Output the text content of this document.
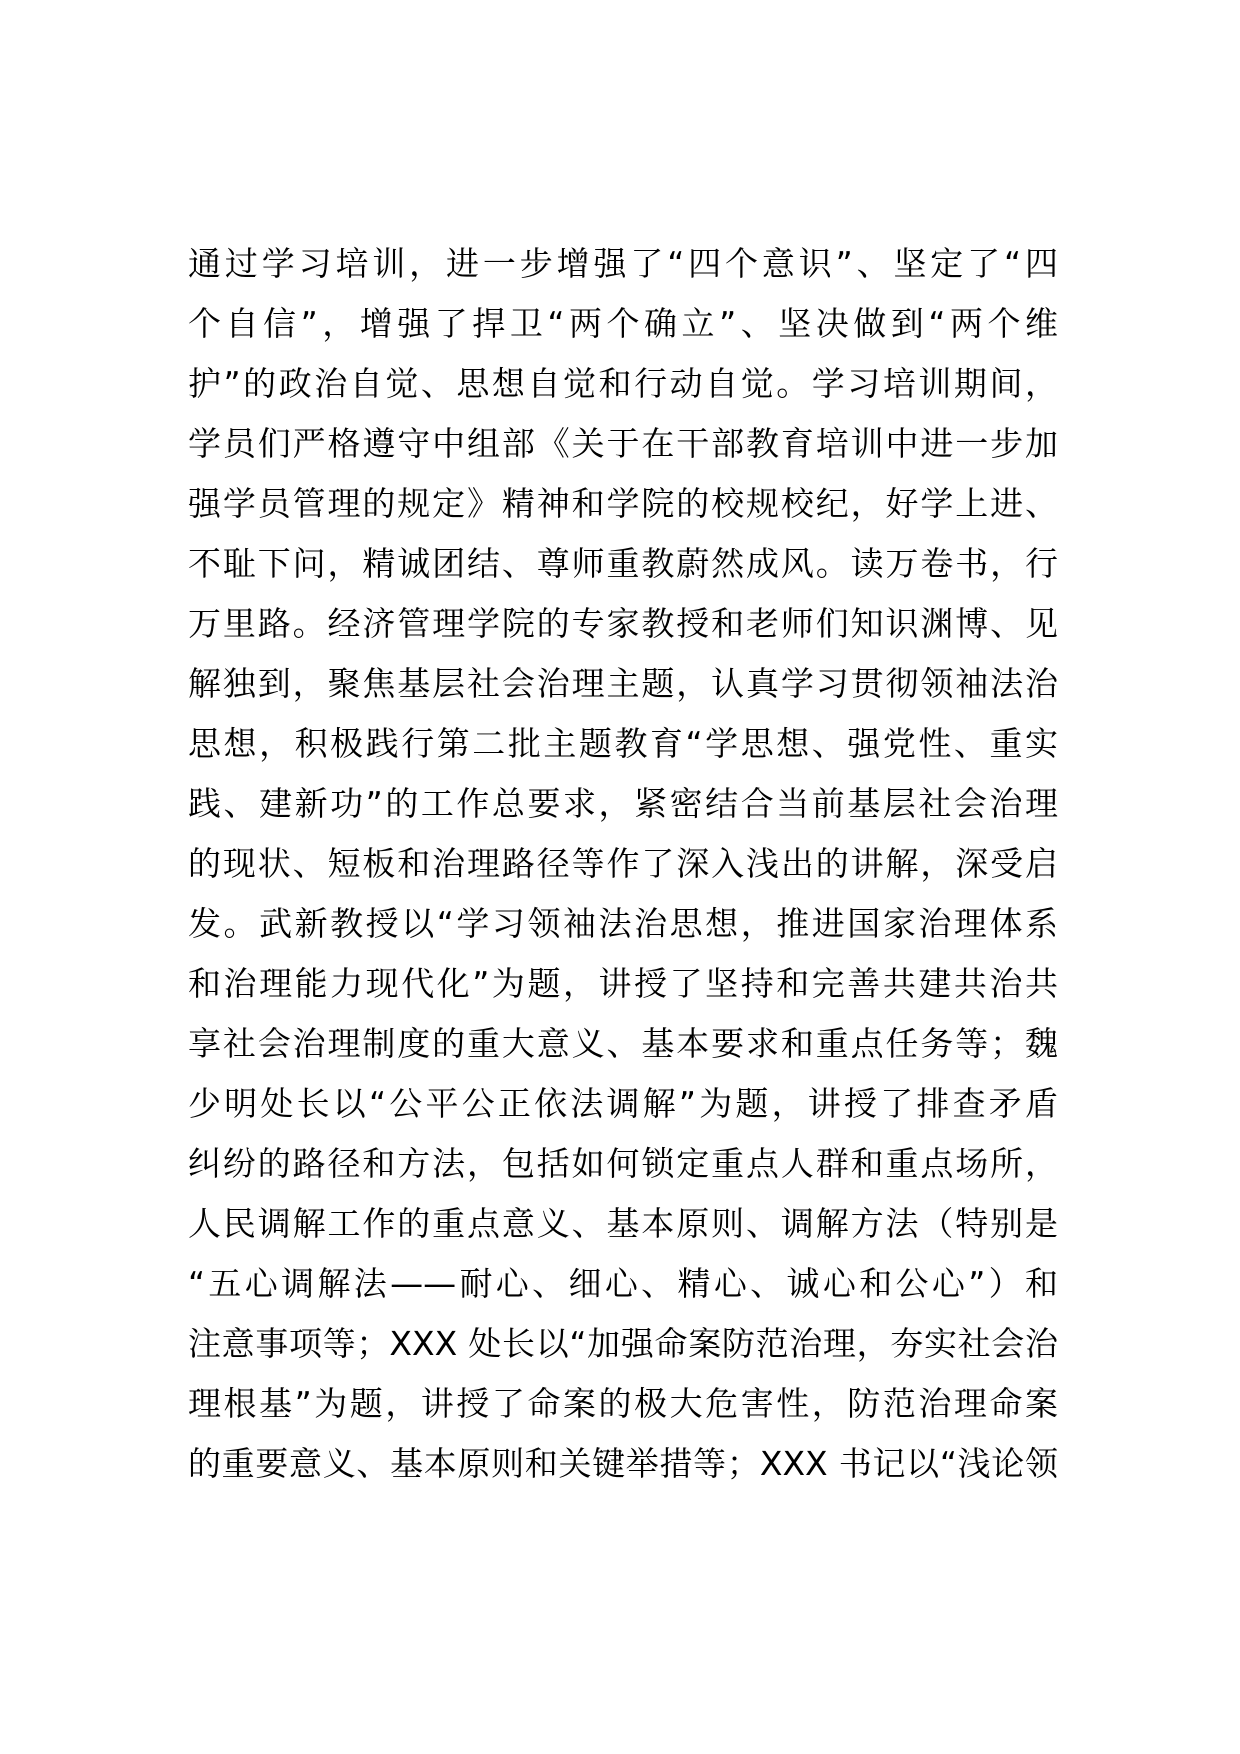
通过学习培训，进一步增强了“四个意识”、坚定了“四
个自信”，增强了捍卫“两个确立”、坚决做到“两个维
护”的政治自觉、思想自觉和行动自觉。学习培训期间，
学员们严格遵守中组部《关于在干部教育培训中进一步加
强学员管理的规定》精神和学院的校规校纪，好学上进、
不耻下问，精诚团结、尊师重教蔚然成风。读万卷书，行
万里路。经济管理学院的专家教授和老师们知识渊博、见
解独到，聚焦基层社会治理主题，认真学习贯彻领袖法治
思想，积极践行第二批主题教育“学思想、强党性、重实
践、建新功”的工作总要求，紧密结合当前基层社会治理
的现状、短板和治理路径等作了深入浅出的讲解，深受启
发。武新教授以“学习领袖法治思想，推进国家治理体系
和治理能力现代化”为题，讲授了坚持和完善共建共治共
享社会治理制度的重大意义、基本要求和重点任务等；魏
少明处长以“公平公正依法调解”为题，讲授了排查矛盾
纠纷的路径和方法，包括如何锁定重点人群和重点场所，
人民调解工作的重点意义、基本原则、调解方法（特别是
“五心调解法——耐心、细心、精心、诚心和公心”）和
注意事项等；XXX 处长以“加强命案防范治理，夯实社会治
理根基”为题，讲授了命案的极大危害性，防范治理命案
的重要意义、基本原则和关键举措等；XXX 书记以“浅论领
